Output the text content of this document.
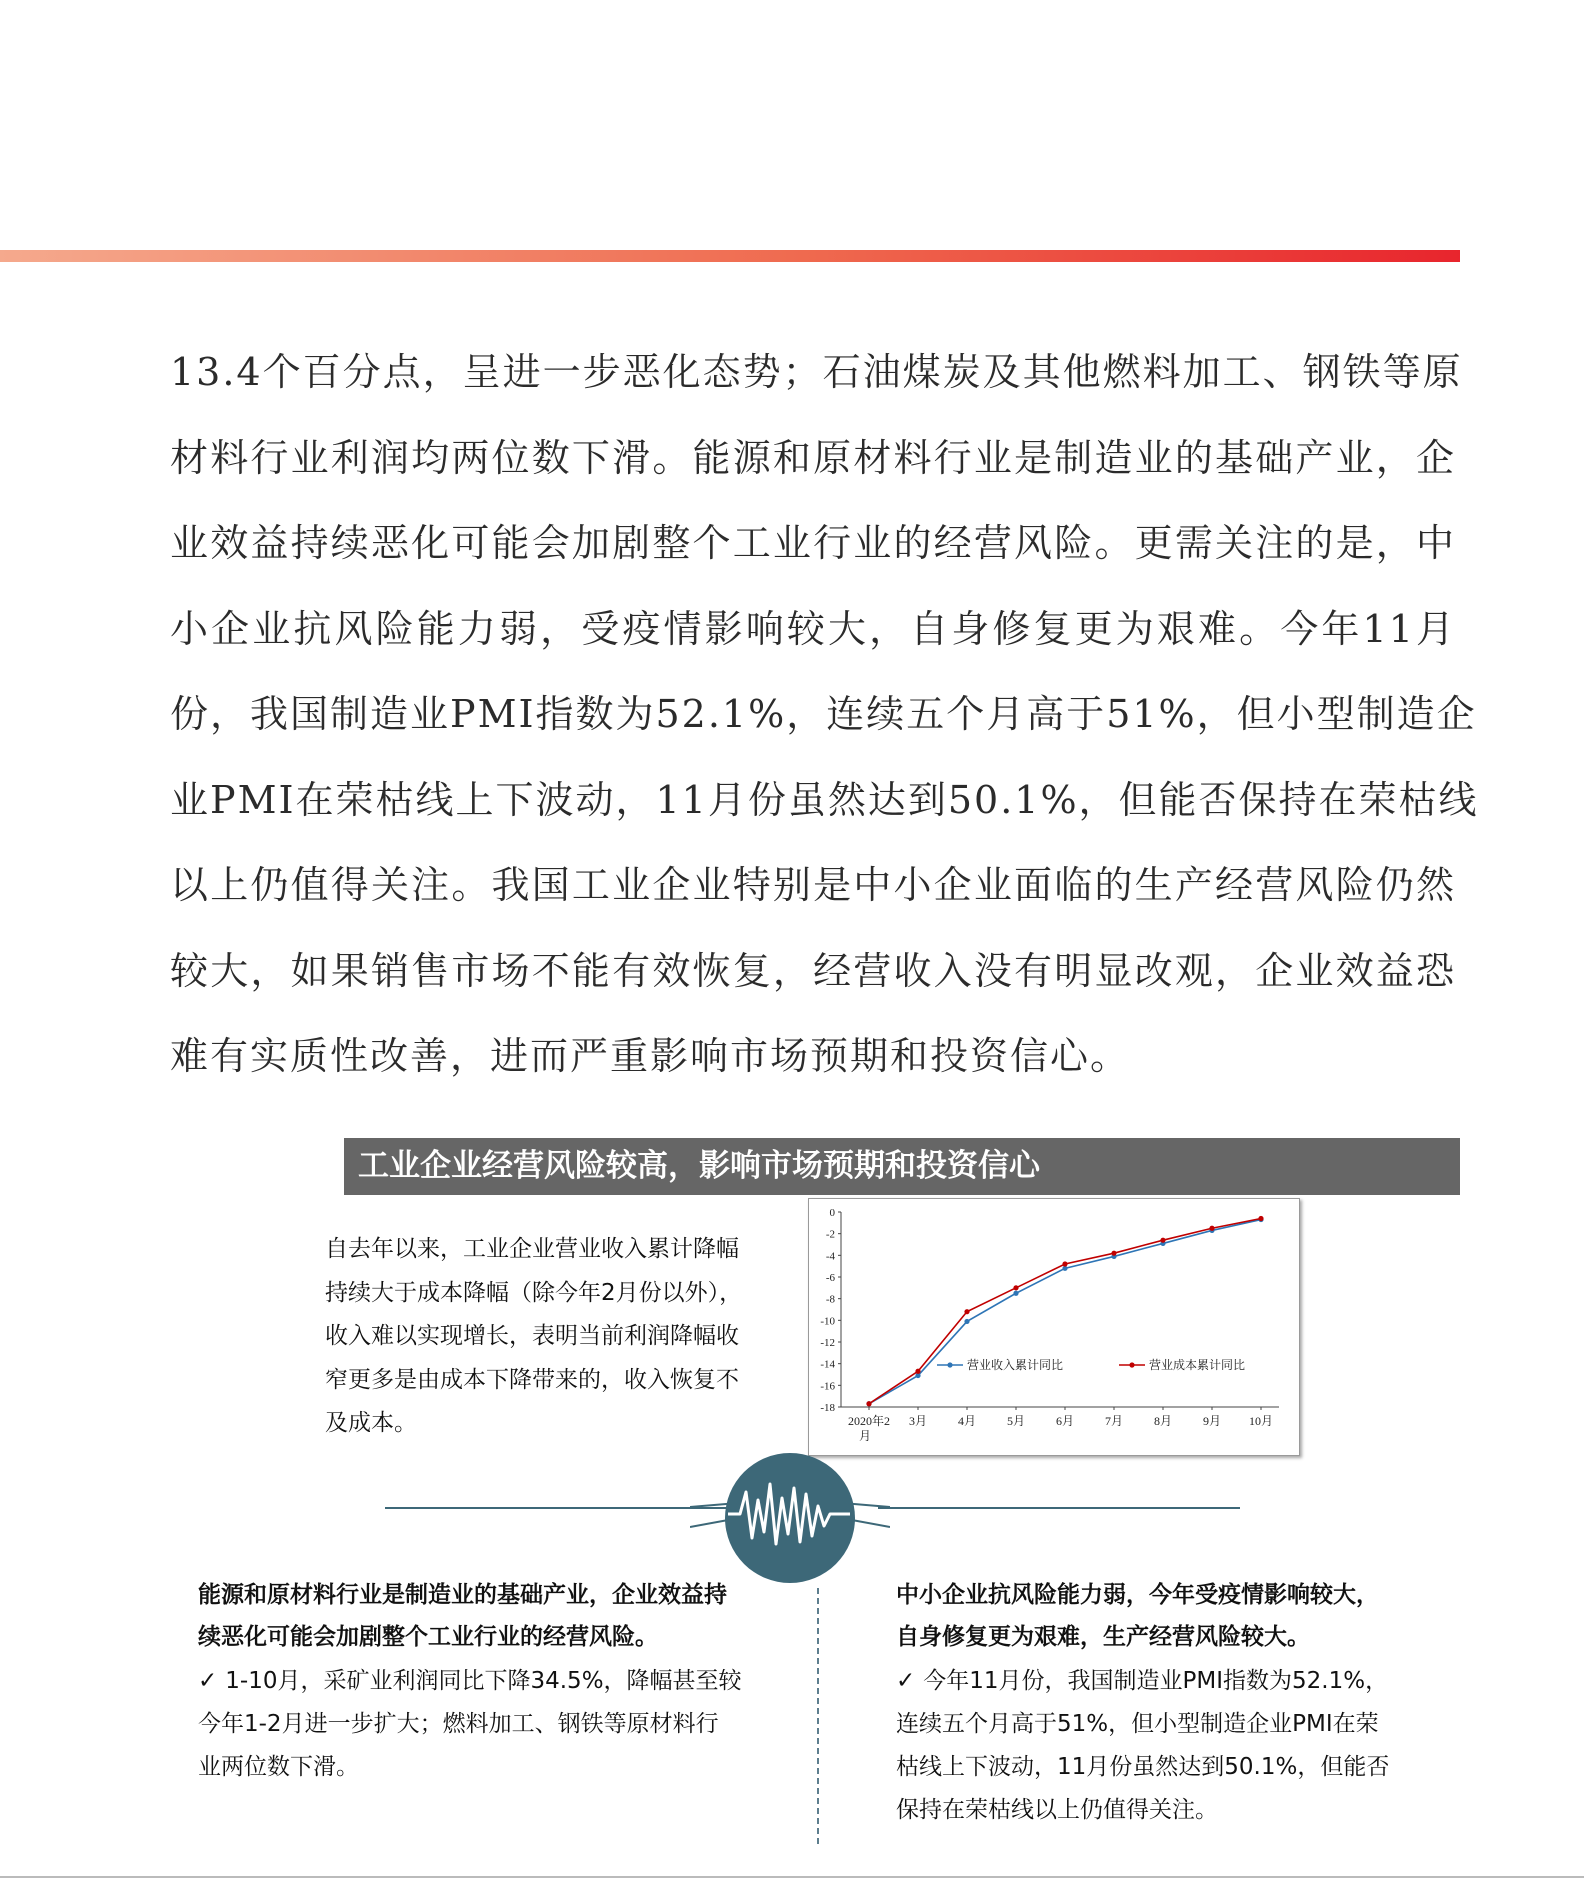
13.4个百分点，呈进一步恶化态势；石油煤炭及其他燃料加工、钢铁等原
材料行业利润均两位数下滑。能源和原材料行业是制造业的基础产业，企
业效益持续恶化可能会加剧整个工业行业的经营风险。更需关注的是，中
小企业抗风险能力弱，受疫情影响较大，自身修复更为艰难。今年11月
份，我国制造业PMI指数为52.1%，连续五个月高于51%，但小型制造企
业PMI在荣枯线上下波动，11月份虽然达到50.1%，但能否保持在荣枯线
以上仍值得关注。我国工业企业特别是中小企业面临的生产经营风险仍然
较大，如果销售市场不能有效恢复，经营收入没有明显改观，企业效益恐
难有实质性改善，进而严重影响市场预期和投资信心。
工业企业经营风险较高，影响市场预期和投资信心
自去年以来，工业企业营业收入累计降幅
持续大于成本降幅（除今年2月份以外），
收入难以实现增长，表明当前利润降幅收
窄更多是由成本下降带来的，收入恢复不
及成本。
0
-2
-4
-6
-8
-10
-12
-14
-16
-18
2020年2 3月	4月	5月	6月	7月	8月	9月 10月
月
营业收入累计同比	营业成本累计同比
能源和原材料行业是制造业的基础产业，企业效益持
续恶化可能会加剧整个工业行业的经营风险。
✓ 1-10月，采矿业利润同比下降34.5%，降幅甚至较
今年1-2月进一步扩大；燃料加工、钢铁等原材料行
业两位数下滑。
中小企业抗风险能力弱，今年受疫情影响较大，
自身修复更为艰难，生产经营风险较大。
✓ 今年11月份，我国制造业PMI指数为52.1%，
连续五个月高于51%，但小型制造企业PMI在荣
枯线上下波动，11月份虽然达到50.1%，但能否
保持在荣枯线以上仍值得关注。
